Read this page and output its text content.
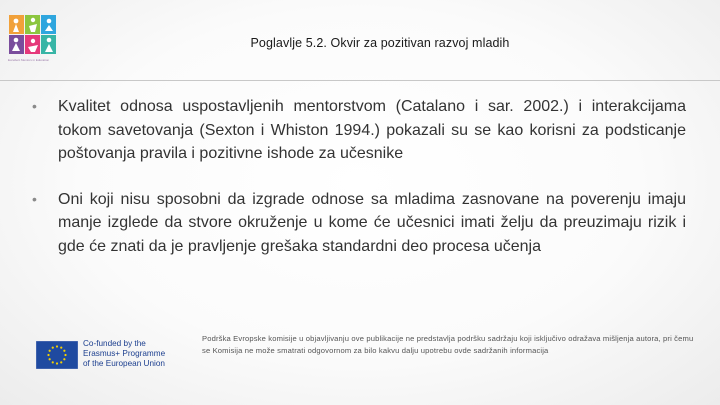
Excellent Mentors in Education
Poglavlje 5.2. Okvir za pozitivan razvoj mladih
• Kvalitet odnosa uspostavljenih mentorstvom (Catalano i sar. 2002.) i interakcijama tokom savetovanja (Sexton i Whiston 1994.) pokazali su se kao korisni za podsticanje poštovanja pravila i pozitivne ishode za učesnike
• Oni koji nisu sposobni da izgrade odnose sa mladima zasnovane na poverenju imaju manje izglede da stvore okruženje u kome će učesnici imati želju da preuzimaju rizik i gde će znati da je pravljenje grešaka standardni deo procesa učenja
Co-funded by the
Erasmus+ Programme
of the European Union
Podrška Evropske komisije u objavljivanju ove publikacije ne predstavlja podršku sadržaju koji isključivo odražava mišljenja autora, pri čemu se Komisija ne može smatrati odgovornom za bilo kakvu dalju upotrebu ovde sadržanih informacija
